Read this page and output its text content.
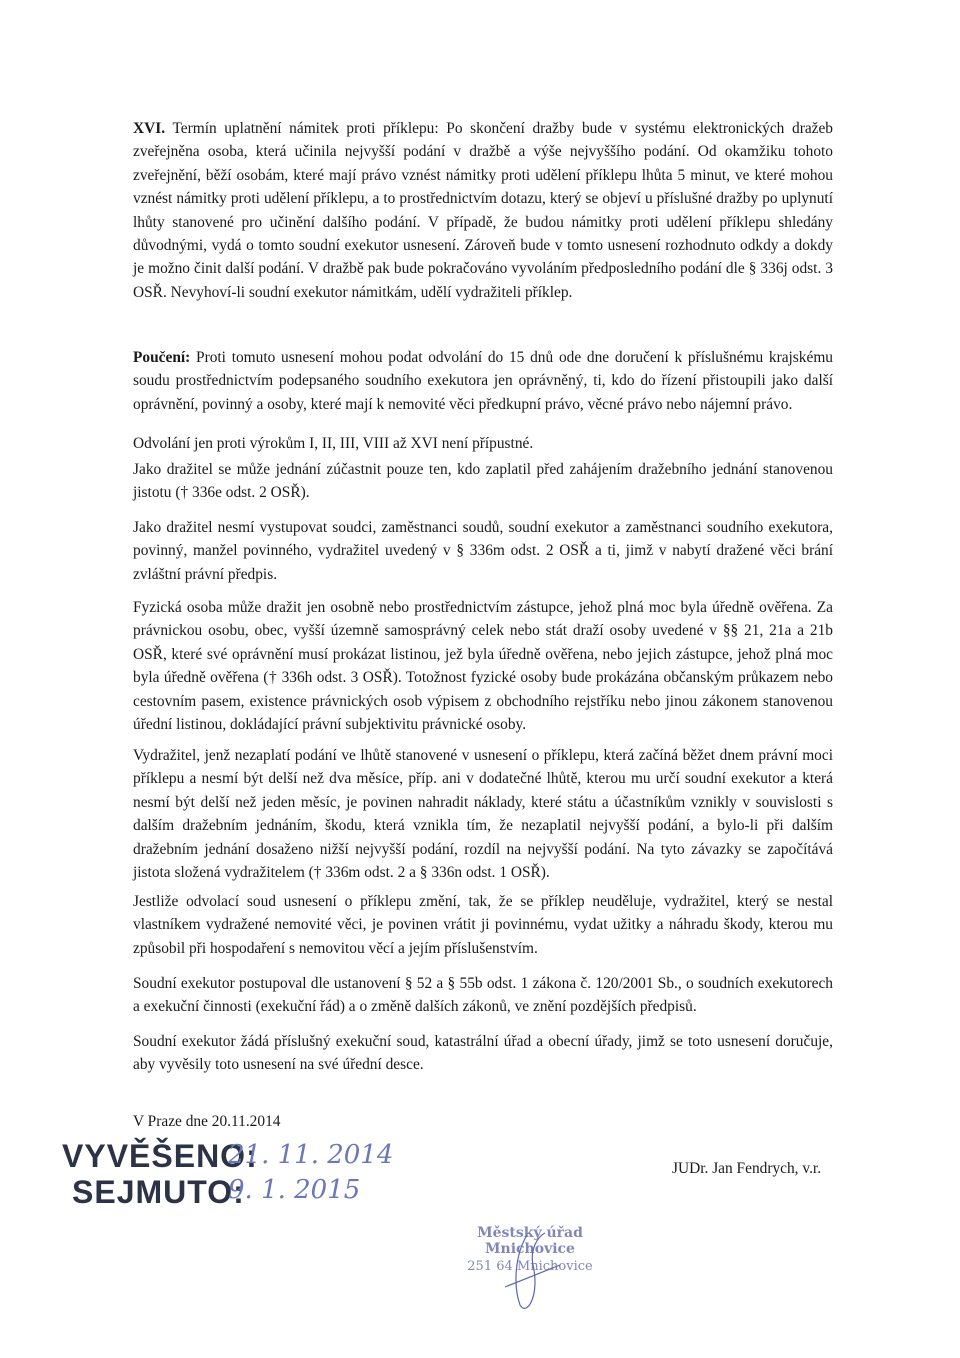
XVI. Termín uplatnění námitek proti příklepu: Po skončení dražby bude v systému elektronických dražeb zveřejněna osoba, která učinila nejvyšší podání v dražbě a výše nejvyššího podání. Od okamžiku tohoto zveřejnění, běží osobám, které mají právo vznést námitky proti udělení příklepu lhůta 5 minut, ve které mohou vznést námitky proti udělení příklepu, a to prostřednictvím dotazu, který se objeví u příslušné dražby po uplynutí lhůty stanovené pro učinění dalšího podání. V případě, že budou námitky proti udělení příklepu shledány důvodnými, vydá o tomto soudní exekutor usnesení. Zároveň bude v tomto usnesení rozhodnuto odkdy a dokdy je možno činit další podání. V dražbě pak bude pokračováno vyvoláním předposledního podání dle § 336j odst. 3 OSŘ. Nevyhoví-li soudní exekutor námitkám, udělí vydražiteli příklep.

Poučení: Proti tomuto usnesení mohou podat odvolání do 15 dnů ode dne doručení k příslušnému krajskému soudu prostřednictvím podepsaného soudního exekutora jen oprávněný, ti, kdo do řízení přistoupili jako další oprávnění, povinný a osoby, které mají k nemovité věci předkupní právo, věcné právo nebo nájemní právo.

Odvolání jen proti výrokům I, II, III, VIII až XVI není přípustné.

Jako dražitel se může jednání zúčastnit pouze ten, kdo zaplatil před zahájením dražebního jednání stanovenou jistotu († 336e odst. 2 OSŘ).

Jako dražitel nesmí vystupovat soudci, zaměstnanci soudů, soudní exekutor a zaměstnanci soudního exekutora, povinný, manžel povinného, vydražitel uvedený v § 336m odst. 2 OSŘ a ti, jimž v nabytí dražené věci brání zvláštní právní předpis.

Fyzická osoba může dražit jen osobně nebo prostřednictvím zástupce, jehož plná moc byla úředně ověřena. Za právnickou osobu, obec, vyšší územně samosprávný celek nebo stát draží osoby uvedené v §§ 21, 21a a 21b OSŘ, které své oprávnění musí prokázat listinou, jež byla úředně ověřena, nebo jejich zástupce, jehož plná moc byla úředně ověřena († 336h odst. 3 OSŘ). Totožnost fyzické osoby bude prokázána občanským průkazem nebo cestovním pasem, existence právnických osob výpisem z obchodního rejstříku nebo jinou zákonem stanovenou úřední listinou, dokládající právní subjektivitu právnické osoby.

Vydražitel, jenž nezaplatí podání ve lhůtě stanovené v usnesení o příklepu, která začíná běžet dnem právní moci příklepu a nesmí být delší než dva měsíce, příp. ani v dodatečné lhůtě, kterou mu určí soudní exekutor a která nesmí být delší než jeden měsíc, je povinen nahradit náklady, které státu a účastníkům vznikly v souvislosti s dalším dražebním jednáním, škodu, která vznikla tím, že nezaplatil nejvyšší podání, a bylo-li při dalším dražebním jednání dosaženo nižší nejvyšší podání, rozdíl na nejvyšší podání. Na tyto závazky se započítává jistota složená vydražitelem († 336m odst. 2 a § 336n odst. 1 OSŘ).

Jestliže odvolací soud usnesení o příklepu změní, tak, že se příklep neuděluje, vydražitel, který se nestal vlastníkem vydražené nemovité věci, je povinen vrátit ji povinnému, vydat užitky a náhradu škody, kterou mu způsobil při hospodaření s nemovitou věcí a jejím příslušenstvím.

Soudní exekutor postupoval dle ustanovení § 52 a § 55b odst. 1 zákona č. 120/2001 Sb., o soudních exekutorech a exekuční činnosti (exekuční řád) a o změně dalších zákonů, ve znění pozdějších předpisů.

Soudní exekutor žádá příslušný exekuční soud, katastrální úřad a obecní úřady, jimž se toto usnesení doručuje, aby vyvěsily toto usnesení na své úřední desce.

V Praze dne 20.11.2014
VYVĚŠENO:
21. 11. 2014
SEJMUTO:
9. 1. 2015
JUDr. Jan Fendrych, v.r.
Městský úřad Mnichovice
251 64 Mnichovice
